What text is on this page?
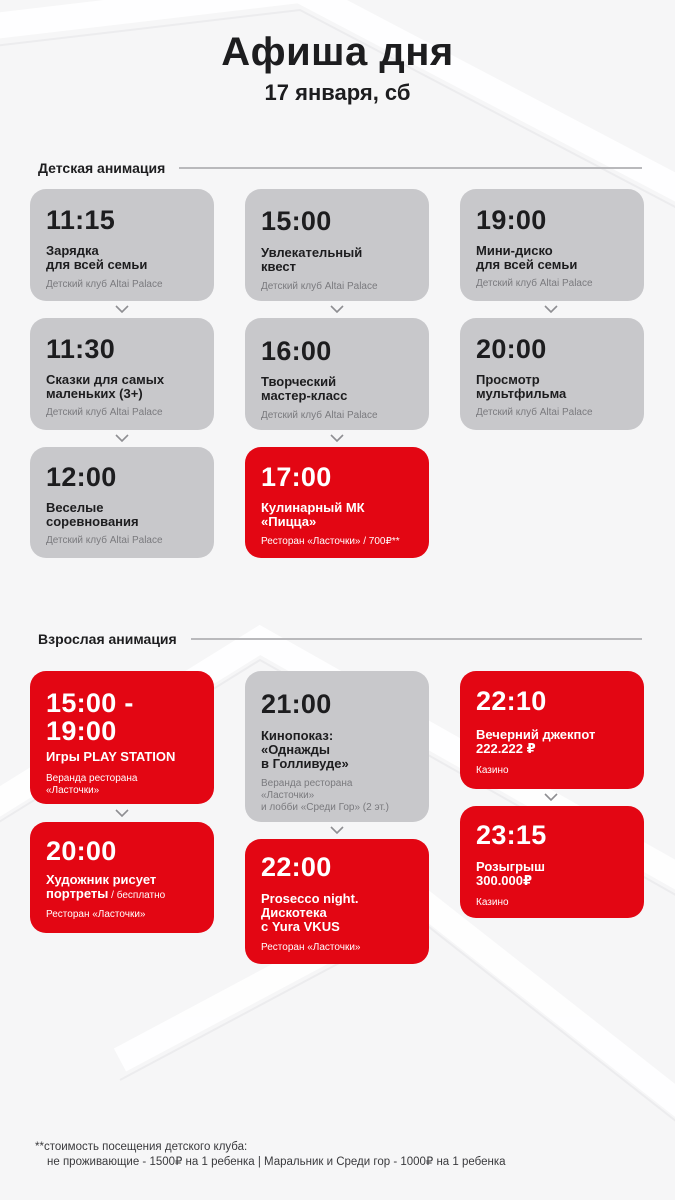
Афиша дня
17 января, сб
Детская анимация
11:15
Зарядка
для всей семьи
Детский клуб Altai Palace
11:30
Сказки для самых
маленьких (3+)
Детский клуб Altai Palace
12:00
Веселые
соревнования
Детский клуб Altai Palace
15:00
Увлекательный
квест
Детский клуб Altai Palace
16:00
Творческий
мастер-класс
Детский клуб Altai Palace
17:00
Кулинарный МК
«Пицца»
Ресторан «Ласточки» / 700₽**
19:00
Мини-диско
для всей семьи
Детский клуб Altai Palace
20:00
Просмотр
мультфильма
Детский клуб Altai Palace
Взрослая анимация
15:00 -
19:00
Игры PLAY STATION
Веранда ресторана
«Ласточки»
20:00
Художник рисует
портреты / бесплатно
Ресторан «Ласточки»
21:00
Кинопоказ:
«Однажды
в Голливуде»
Веранда ресторана
«Ласточки»
и лобби «Среди Гор» (2 эт.)
22:00
Prosecco night.
Дискотека
с Yura VKUS
Ресторан «Ласточки»
22:10
Вечерний джекпот
222.222 ₽
Казино
23:15
Розыгрыш
300.000₽
Казино
**стоимость посещения детского клуба:
не проживающие - 1500₽ на 1 ребенка | Маральник и Среди гор - 1000₽ на 1 ребенка
